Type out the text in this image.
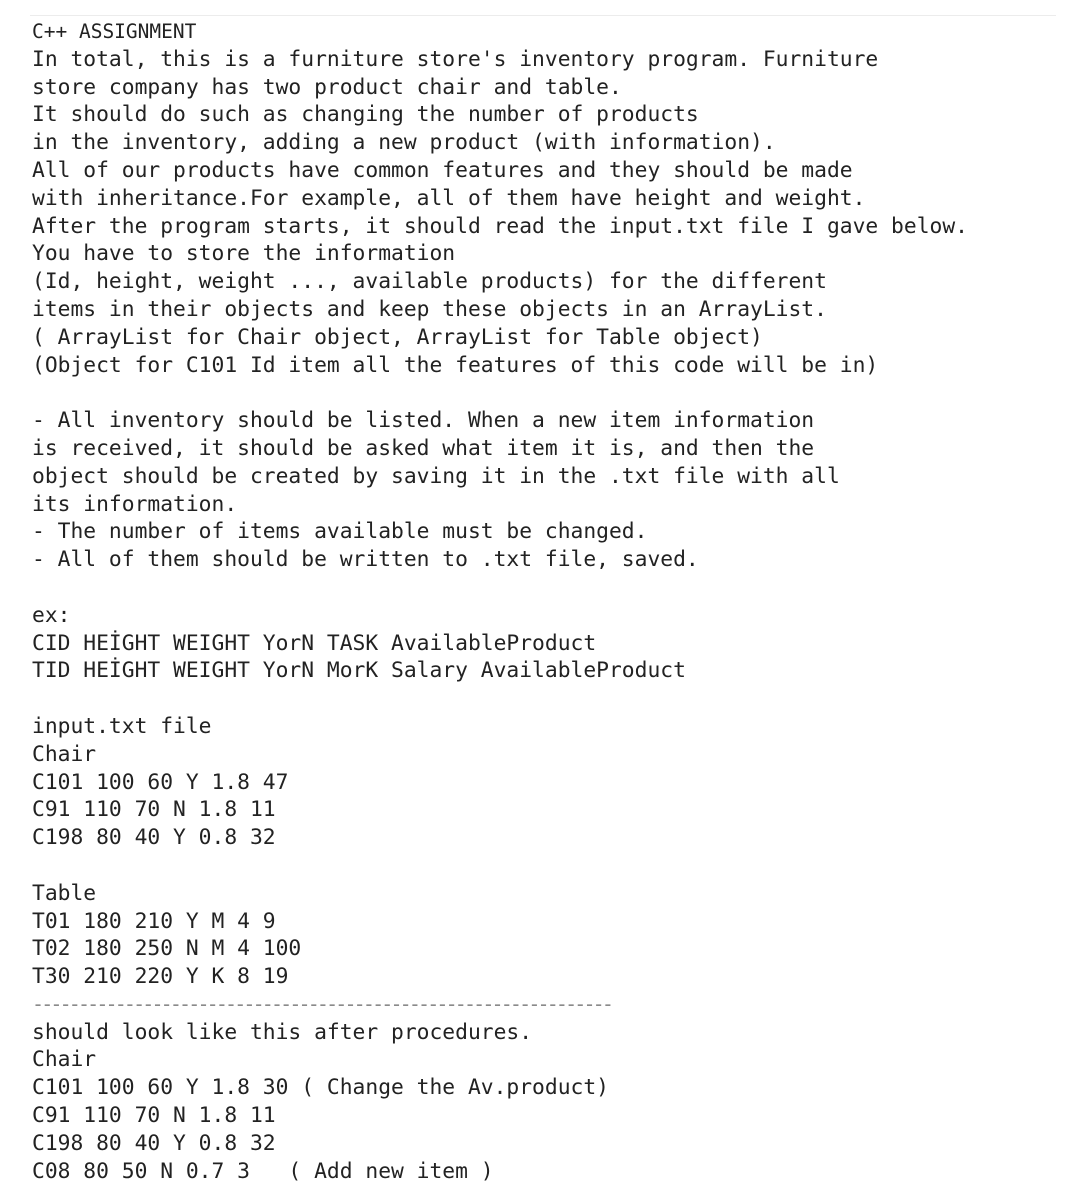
C++ ASSIGNMENT
In total, this is a furniture store's inventory program. Furniture
store company has two product chair and table.
It should do such as changing the number of products
in the inventory, adding a new product (with information).
All of our products have common features and they should be made
with inheritance.For example, all of them have height and weight.
After the program starts, it should read the input.txt file I gave below.
You have to store the information
(Id, height, weight ..., available products) for the different
items in their objects and keep these objects in an ArrayList.
( ArrayList for Chair object, ArrayList for Table object)
(Object for C101 Id item all the features of this code will be in)
- All inventory should be listed. When a new item information
is received, it should be asked what item it is, and then the
object should be created by saving it in the .txt file with all
its information.
- The number of items available must be changed.
- All of them should be written to .txt file, saved.
ex:
CID HEİGHT WEIGHT YorN TASK AvailableProduct
TID HEİGHT WEIGHT YorN MorK Salary AvailableProduct
input.txt file
Chair
C101 100 60 Y 1.8 47
C91 110 70 N 1.8 11
C198 80 40 Y 0.8 32
Table
T01 180 210 Y M 4 9
T02 180 250 N M 4 100
T30 210 220 Y K 8 19
---------------------------------------------------------------
should look like this after procedures.
Chair
C101 100 60 Y 1.8 30 ( Change the Av.product)
C91 110 70 N 1.8 11
C198 80 40 Y 0.8 32
C08 80 50 N 0.7 3   ( Add new item )
